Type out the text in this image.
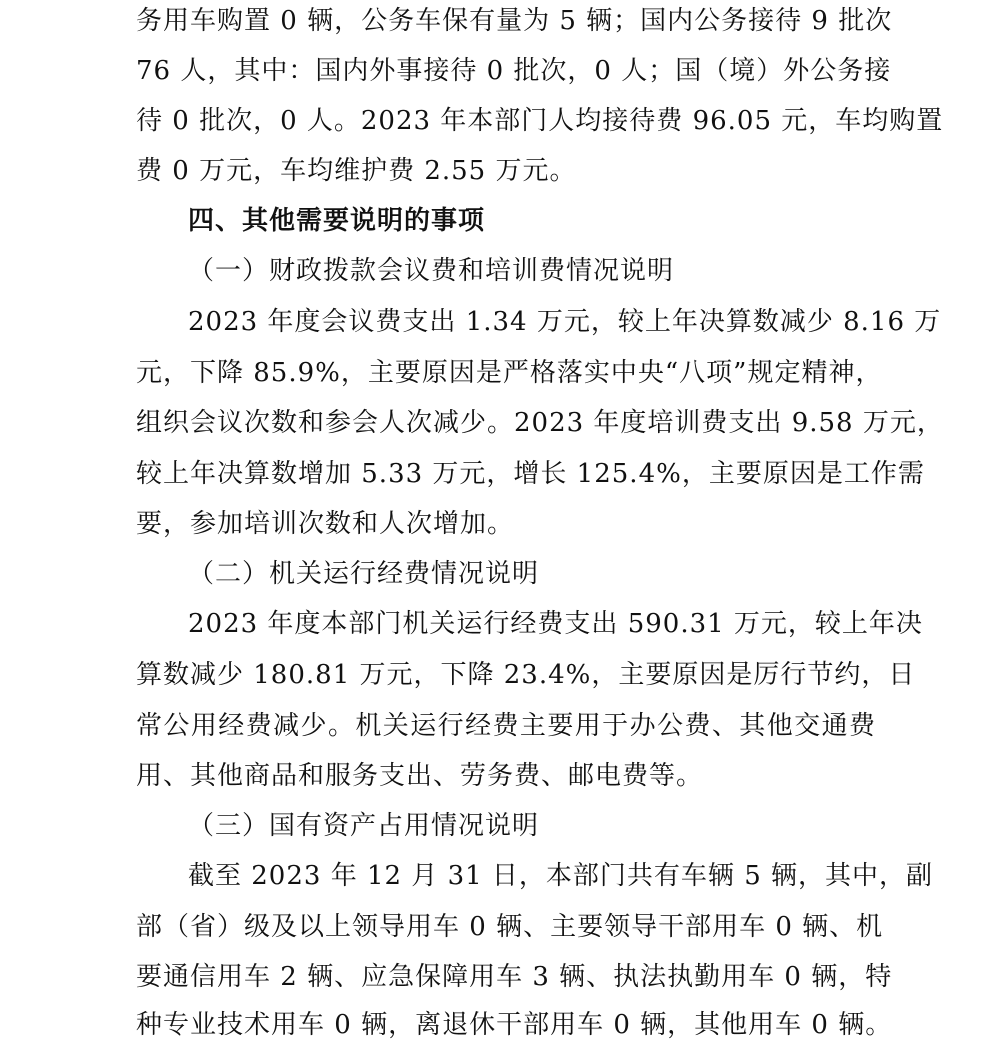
务用车购置 0 辆，公务车保有量为 5 辆；国内公务接待 9 批次
76 人，其中：国内外事接待 0 批次，0 人；国（境）外公务接
待 0 批次，0 人。2023 年本部门人均接待费 96.05 元，车均购置
费 0 万元，车均维护费 2.55 万元。
四、其他需要说明的事项
（一）财政拨款会议费和培训费情况说明
2023 年度会议费支出 1.34 万元，较上年决算数减少 8.16 万
元，下降 85.9%，主要原因是严格落实中央“八项”规定精神，
组织会议次数和参会人次减少。2023 年度培训费支出 9.58 万元，
较上年决算数增加 5.33 万元，增长 125.4%，主要原因是工作需
要，参加培训次数和人次增加。
（二）机关运行经费情况说明
2023 年度本部门机关运行经费支出 590.31 万元，较上年决
算数减少 180.81 万元，下降 23.4%，主要原因是厉行节约，日
常公用经费减少。机关运行经费主要用于办公费、其他交通费
用、其他商品和服务支出、劳务费、邮电费等。
（三）国有资产占用情况说明
截至 2023 年 12 月 31 日，本部门共有车辆 5 辆，其中，副
部（省）级及以上领导用车 0 辆、主要领导干部用车 0 辆、机
要通信用车 2 辆、应急保障用车 3 辆、执法执勤用车 0 辆，特
种专业技术用车 0 辆，离退休干部用车 0 辆，其他用车 0 辆。
